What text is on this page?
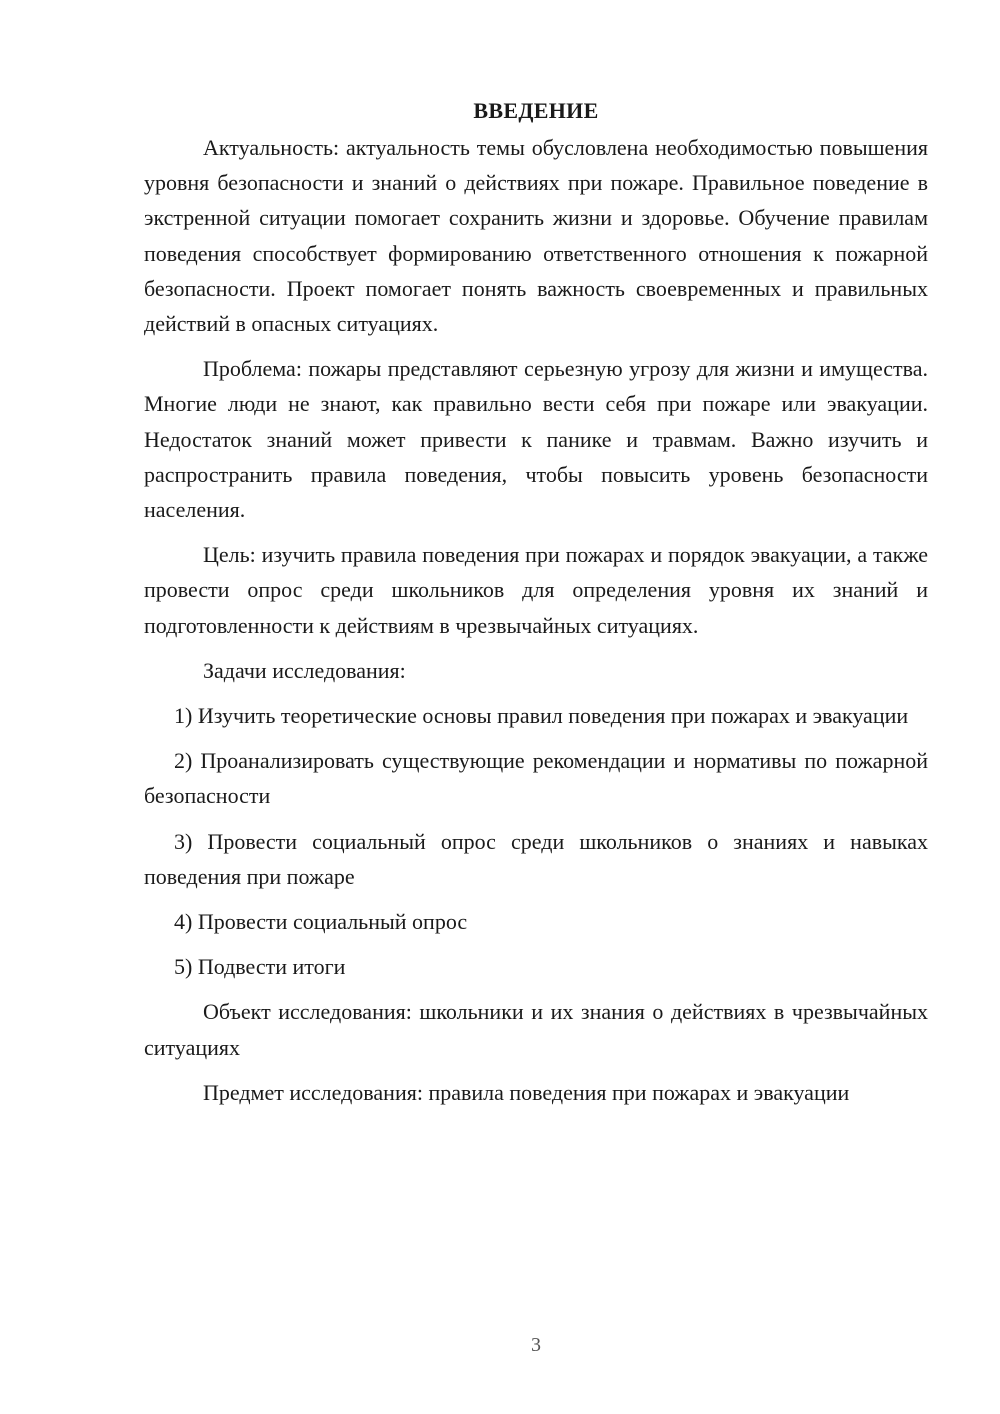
ВВЕДЕНИЕ

Актуальность: актуальность темы обусловлена необходимостью повышения уровня безопасности и знаний о действиях при пожаре. Правильное поведение в экстренной ситуации помогает сохранить жизни и здоровье. Обучение правилам поведения способствует формированию ответственного отношения к пожарной безопасности. Проект помогает понять важность своевременных и правильных действий в опасных ситуациях.

Проблема: пожары представляют серьезную угрозу для жизни и имущества. Многие люди не знают, как правильно вести себя при пожаре или эвакуации. Недостаток знаний может привести к панике и травмам. Важно изучить и распространить правила поведения, чтобы повысить уровень безопасности населения.

Цель: изучить правила поведения при пожарах и порядок эвакуации, а также провести опрос среди школьников для определения уровня их знаний и подготовленности к действиям в чрезвычайных ситуациях.

Задачи исследования:

1) Изучить теоретические основы правил поведения при пожарах и эвакуации

2) Проанализировать существующие рекомендации и нормативы по пожарной безопасности

3) Провести социальный опрос среди школьников о знаниях и навыках поведения при пожаре

4) Провести социальный опрос

5) Подвести итоги

Объект исследования: школьники и их знания о действиях в чрезвычайных ситуациях

Предмет исследования: правила поведения при пожарах и эвакуации

3
